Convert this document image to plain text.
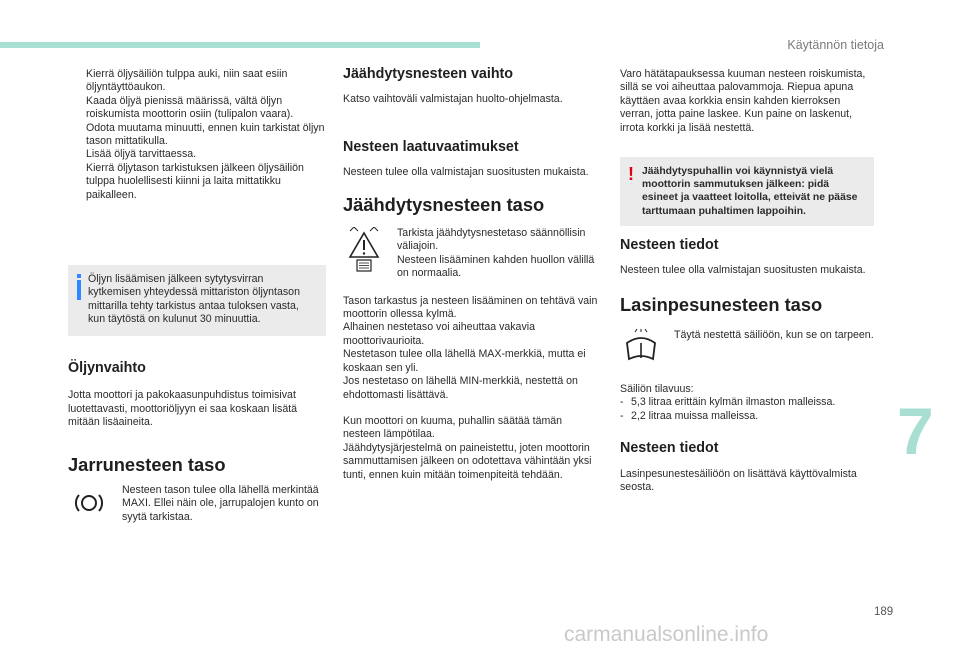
Käytännön tietoja
Kierrä öljysäiliön tulppa auki, niin saat esiin öljyntäyttöaukon.
Kaada öljyä pienissä määrissä, vältä öljyn roiskumista moottorin osiin (tulipalon vaara).
Odota muutama minuutti, ennen kuin tarkistat öljyn tason mittatikulla.
Lisää öljyä tarvittaessa.
Kierrä öljytason tarkistuksen jälkeen öljysäiliön tulppa huolellisesti kiinni ja laita mittatikku paikalleen.

Öljyn lisäämisen jälkeen sytytysvirran kytkemisen yhteydessä mittariston öljyntason mittarilla tehty tarkistus antaa tuloksen vasta, kun täytöstä on kulunut 30 minuuttia.

Öljynvaihto

Jotta moottori ja pakokaasunpuhdistus toimisivat luotettavasti, moottoriöljyyn ei saa koskaan lisätä mitään lisäaineita.

Jarrunesteen taso

Nesteen tason tulee olla lähellä merkintää MAXI. Ellei näin ole, jarrupalojen kunto on syytä tarkistaa.

Jäähdytysnesteen vaihto

Katso vaihtoväli valmistajan huolto-ohjelmasta.

Nesteen laatuvaatimukset

Nesteen tulee olla valmistajan suositusten mukaista.

Jäähdytysnesteen taso

Tarkista jäähdytysnestetaso säännöllisin väliajoin.
Nesteen lisääminen kahden huollon välillä on normaalia.

Tason tarkastus ja nesteen lisääminen on tehtävä vain moottorin ollessa kylmä.
Alhainen nestetaso voi aiheuttaa vakavia moottorivaurioita.
Nestetason tulee olla lähellä MAX-merkkiä, mutta ei koskaan sen yli.
Jos nestetaso on lähellä MIN-merkkiä, nestettä on ehdottomasti lisättävä.

Kun moottori on kuuma, puhallin säätää tämän nesteen lämpötilaa.
Jäähdytysjärjestelmä on paineistettu, joten moottorin sammuttamisen jälkeen on odotettava vähintään yksi tunti, ennen kuin mitään toimenpiteitä tehdään.

Varo hätätapauksessa kuuman nesteen roiskumista, sillä se voi aiheuttaa palovammoja. Riepua apuna käyttäen avaa korkkia ensin kahden kierroksen verran, jotta paine laskee. Kun paine on laskenut, irrota korkki ja lisää nestettä.

! Jäähdytyspuhallin voi käynnistyä vielä moottorin sammutuksen jälkeen: pidä esineet ja vaatteet loitolla, etteivät ne pääse tarttumaan puhaltimen lappoihin.

Nesteen tiedot

Nesteen tulee olla valmistajan suositusten mukaista.

Lasinpesunesteen taso

Täytä nestettä säiliöön, kun se on tarpeen.

Säiliön tilavuus:

- 5,3 litraa erittäin kylmän ilmaston malleissa.
- 2,2 litraa muissa malleissa.
Nesteen tiedot

Lasinpesunestesäiliöön on lisättävä käyttövalmista seosta.

7
189
carmanualsonline.info
